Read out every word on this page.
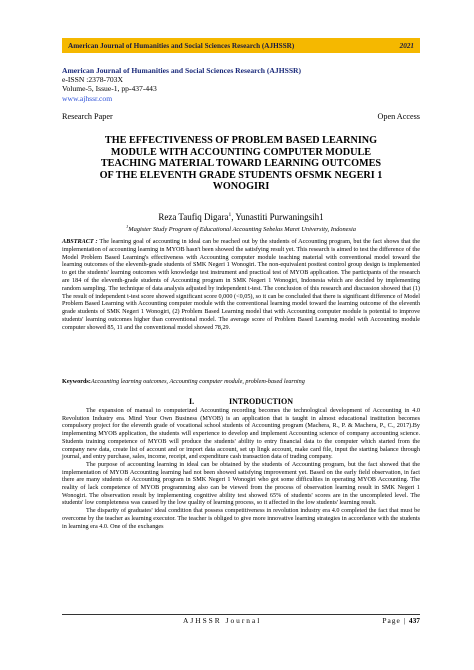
American Journal of Humanities and Social Sciences Research (AJHSSR)	2021
American Journal of Humanities and Social Sciences Research (AJHSSR)
e-ISSN :2378-703X
Volume-5, Issue-1, pp-437-443
www.ajhssr.com
Research Paper	Open Access
THE EFFECTIVENESS OF PROBLEM BASED LEARNING
MODULE WITH ACCOUNTING COMPUTER MODULE
TEACHING MATERIAL TOWARD LEARNING OUTCOMES
OF THE ELEVENTH GRADE STUDENTS OFSMK NEGERI 1
WONOGIRI
Reza Taufiq Digara$^1$, Yunastiti Purwaningsih1
$^1$Magister Study Program of Educational Accounting Sebelas Maret University, Indonesia
ABSTRACT : The learning goal of accounting in ideal can be reached out by the students of Accounting program, but the fact shows that the implementation of accounting learning in MYOB hasn't been showed the satisfying result yet. This research is aimed to test the difference of the Model Problem Based Learning's effectiveness with Accounting computer module teaching material with conventional model toward the learning outcomes of the eleventh-grade students of SMK Negeri 1 Wonogiri. The non-equivalent posttest control group design is implemented to get the students' learning outcomes with knowledge test instrument and practical test of MYOB application. The participants of the research are 184 of the eleventh-grade students of Accounting program in SMK Negeri 1 Wonogiri, Indonesia which are decided by implementing random sampling. The technique of data analysis adjusted by independent t-test. The conclusion of this research and discussion showed that (1) The result of independent t-test score showed significant score 0,000 (<0,05), so it can be concluded that there is significant difference of Model Problem Based Learning with Accounting computer module with the conventional learning model toward the learning outcome of the eleventh grade students of SMK Negeri 1 Wonogiri, (2) Problem Based Learning model that with Accounting computer module is potential to improve students' learning outcomes higher than conventional model. The average score of Problem Based Learning model with Accounting module computer showed 85, 11 and the conventional model showed 78,29.
Keywords:Accounting learning outcomes, Accounting computer module, problem-based learning
I.	INTRODUCTION

The expansion of manual to computerized Accounting recording becomes the technological development of Accounting in 4.0 Revolution Industry era. Mind Your Own Business (MYOB) is an application that is taught in almost educational institution becomes compulsory project for the eleventh grade of vocational school students of Accounting program (Machera, R., P. & Machera, P., C., 2017).By implementing MYOB application, the students will experience to develop and implement Accounting science of company accounting science. Students training competence of MYOB will produce the students' ability to entry financial data to the computer which started from the company new data, create list of account and or import data account, set up lingk account, make card file, input the starting balance through journal, and entry purchase, sales, income, receipt, and expenditure cash transaction data of trading company.

The purpose of accounting learning in ideal can be obtained by the students of Accounting program, but the fact showed that the implementation of MYOB Accounting learning had not been showed satisfying improvement yet. Based on the early field observation, in fact there are many students of Accounting program in SMK Negeri 1 Wonogiri who got some difficulties in operating MYOB Accounting. The reality of lack competence of MYOB programming also can be viewed from the process of observation learning result in SMK Negeri 1 Wonogiri. The observation result by implementing cognitive ability test showed 65% of students' scores are in the uncompleted level. The students' low completeness was caused by the low quality of learning process, so it affected in the low students' learning result.

The disparity of graduates' ideal condition that possess competitiveness in revolution industry era 4.0 completed the fact that must be overcome by the teacher as learning executor. The teacher is obliged to give more innovative learning strategies in accordance with the students in learning era 4.0. One of the exchanges

AJHSSR Journal	Page | 437
